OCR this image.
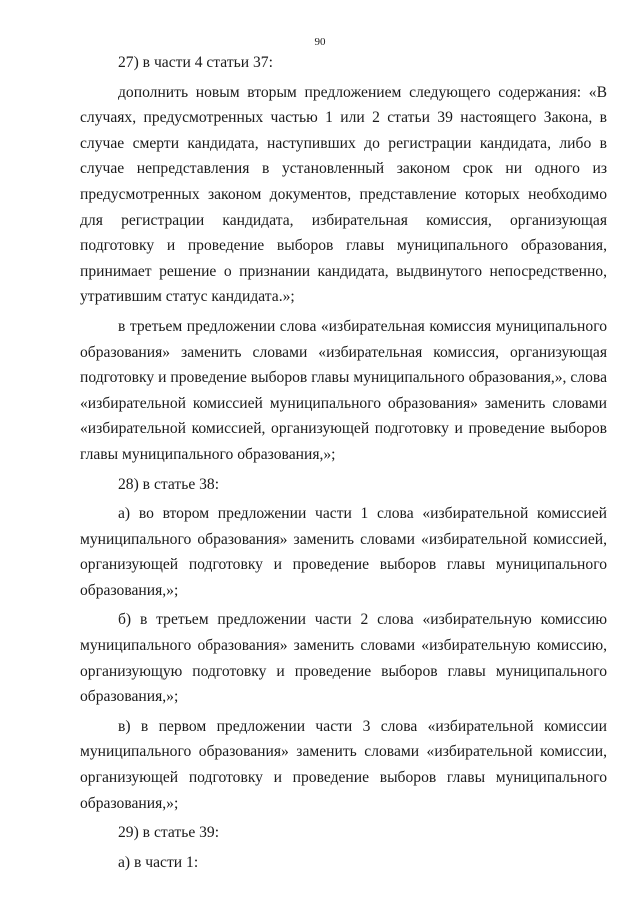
90

27) в части 4 статьи 37:

дополнить новым вторым предложением следующего содержания: «В случаях, предусмотренных частью 1 или 2 статьи 39 настоящего Закона, в случае смерти кандидата, наступивших до регистрации кандидата, либо в случае непредставления в установленный законом срок ни одного из предусмотренных законом документов, представление которых необходимо для регистрации кандидата, избирательная комиссия, организующая подготовку и проведение выборов главы муниципального образования, принимает решение о признании кандидата, выдвинутого непосредственно, утратившим статус кандидата.»;

в третьем предложении слова «избирательная комиссия муниципального образования» заменить словами «избирательная комиссия, организующая подготовку и проведение выборов главы муниципального образования,», слова «избирательной комиссией муниципального образования» заменить словами «избирательной комиссией, организующей подготовку и проведение выборов главы муниципального образования,»;

28) в статье 38:

а) во втором предложении части 1 слова «избирательной комиссией муниципального образования» заменить словами «избирательной комиссией, организующей подготовку и проведение выборов главы муниципального образования,»;

б) в третьем предложении части 2 слова «избирательную комиссию муниципального образования» заменить словами «избирательную комиссию, организующую подготовку и проведение выборов главы муниципального образования,»;

в) в первом предложении части 3 слова «избирательной комиссии муниципального образования» заменить словами «избирательной комиссии, организующей подготовку и проведение выборов главы муниципального образования,»;

29) в статье 39:

а) в части 1:
